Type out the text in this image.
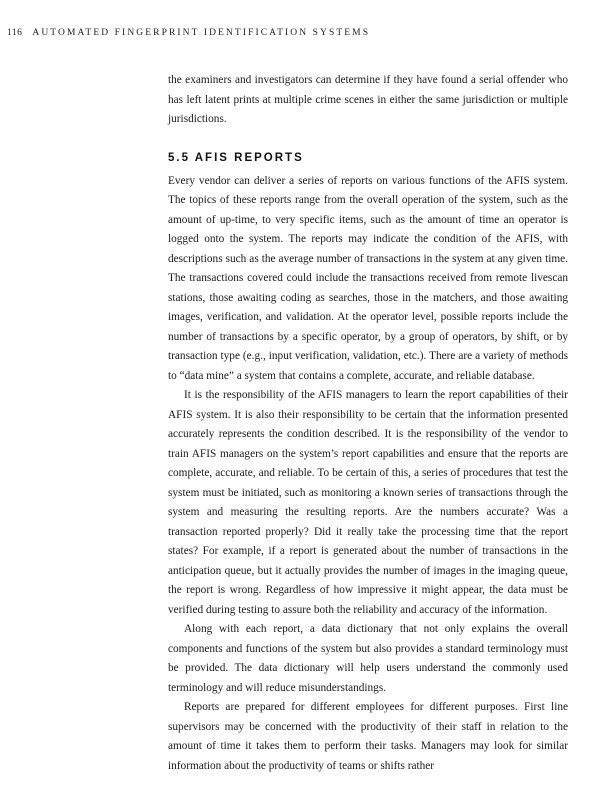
116 AUTOMATED FINGERPRINT IDENTIFICATION SYSTEMS

the examiners and investigators can determine if they have found a serial offender who has left latent prints at multiple crime scenes in either the same jurisdiction or multiple jurisdictions.

5.5 AFIS REPORTS

Every vendor can deliver a series of reports on various functions of the AFIS system. The topics of these reports range from the overall operation of the system, such as the amount of up-time, to very specific items, such as the amount of time an operator is logged onto the system. The reports may indicate the condition of the AFIS, with descriptions such as the average number of transactions in the system at any given time. The transactions covered could include the transactions received from remote livescan stations, those awaiting coding as searches, those in the matchers, and those awaiting images, verification, and validation. At the operator level, possible reports include the number of transactions by a specific operator, by a group of operators, by shift, or by transaction type (e.g., input verification, validation, etc.). There are a variety of methods to “data mine” a system that contains a complete, accurate, and reliable database.

It is the responsibility of the AFIS managers to learn the report capabilities of their AFIS system. It is also their responsibility to be certain that the information presented accurately represents the condition described. It is the responsibility of the vendor to train AFIS managers on the system’s report capabilities and ensure that the reports are complete, accurate, and reliable. To be certain of this, a series of procedures that test the system must be initiated, such as monitoring a known series of transactions through the system and measuring the resulting reports. Are the numbers accurate? Was a transaction reported properly? Did it really take the processing time that the report states? For example, if a report is generated about the number of transactions in the anticipation queue, but it actually provides the number of images in the imaging queue, the report is wrong. Regardless of how impressive it might appear, the data must be verified during testing to assure both the reliability and accuracy of the information.

Along with each report, a data dictionary that not only explains the overall components and functions of the system but also provides a standard terminology must be provided. The data dictionary will help users understand the commonly used terminology and will reduce misunderstandings.

Reports are prepared for different employees for different purposes. First line supervisors may be concerned with the productivity of their staff in relation to the amount of time it takes them to perform their tasks. Managers may look for similar information about the productivity of teams or shifts rather
